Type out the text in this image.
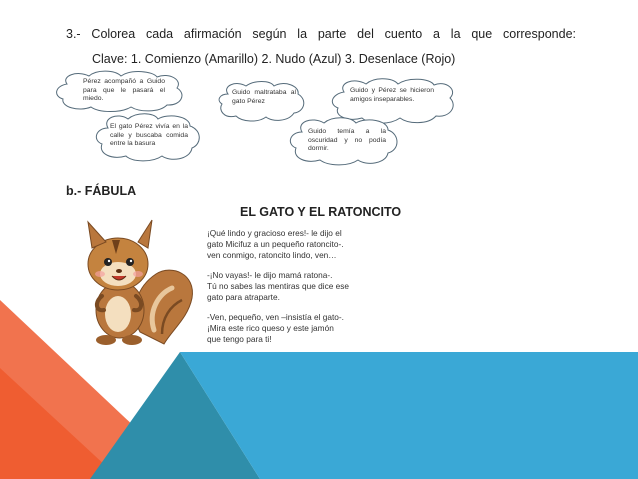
3.- Colorea cada afirmación según la parte del cuento a la que corresponde:
Clave: 1. Comienzo (Amarillo) 2. Nudo (Azul) 3. Desenlace (Rojo)
Pérez acompañó a Guido para que le pasará el miedo.
Guido maltrataba al gato Pérez
Guido y Pérez se hicieron amigos inseparables.
El gato Pérez vivía en la calle y buscaba comida entre la basura
Guido temía a la oscuridad y no podía dormir.
b.- FÁBULA
EL GATO Y EL RATONCITO
¡Qué lindo y gracioso eres!- le dijo el
gato Micifuz a un pequeño ratoncito-.
ven conmigo, ratoncito lindo, ven…
-¡No vayas!- le dijo mamá ratona-.
Tú no sabes las mentiras que dice ese
gato para atraparte.
-Ven, pequeño, ven –insistía el gato-.
¡Mira este rico queso y este jamón
que tengo para ti!
